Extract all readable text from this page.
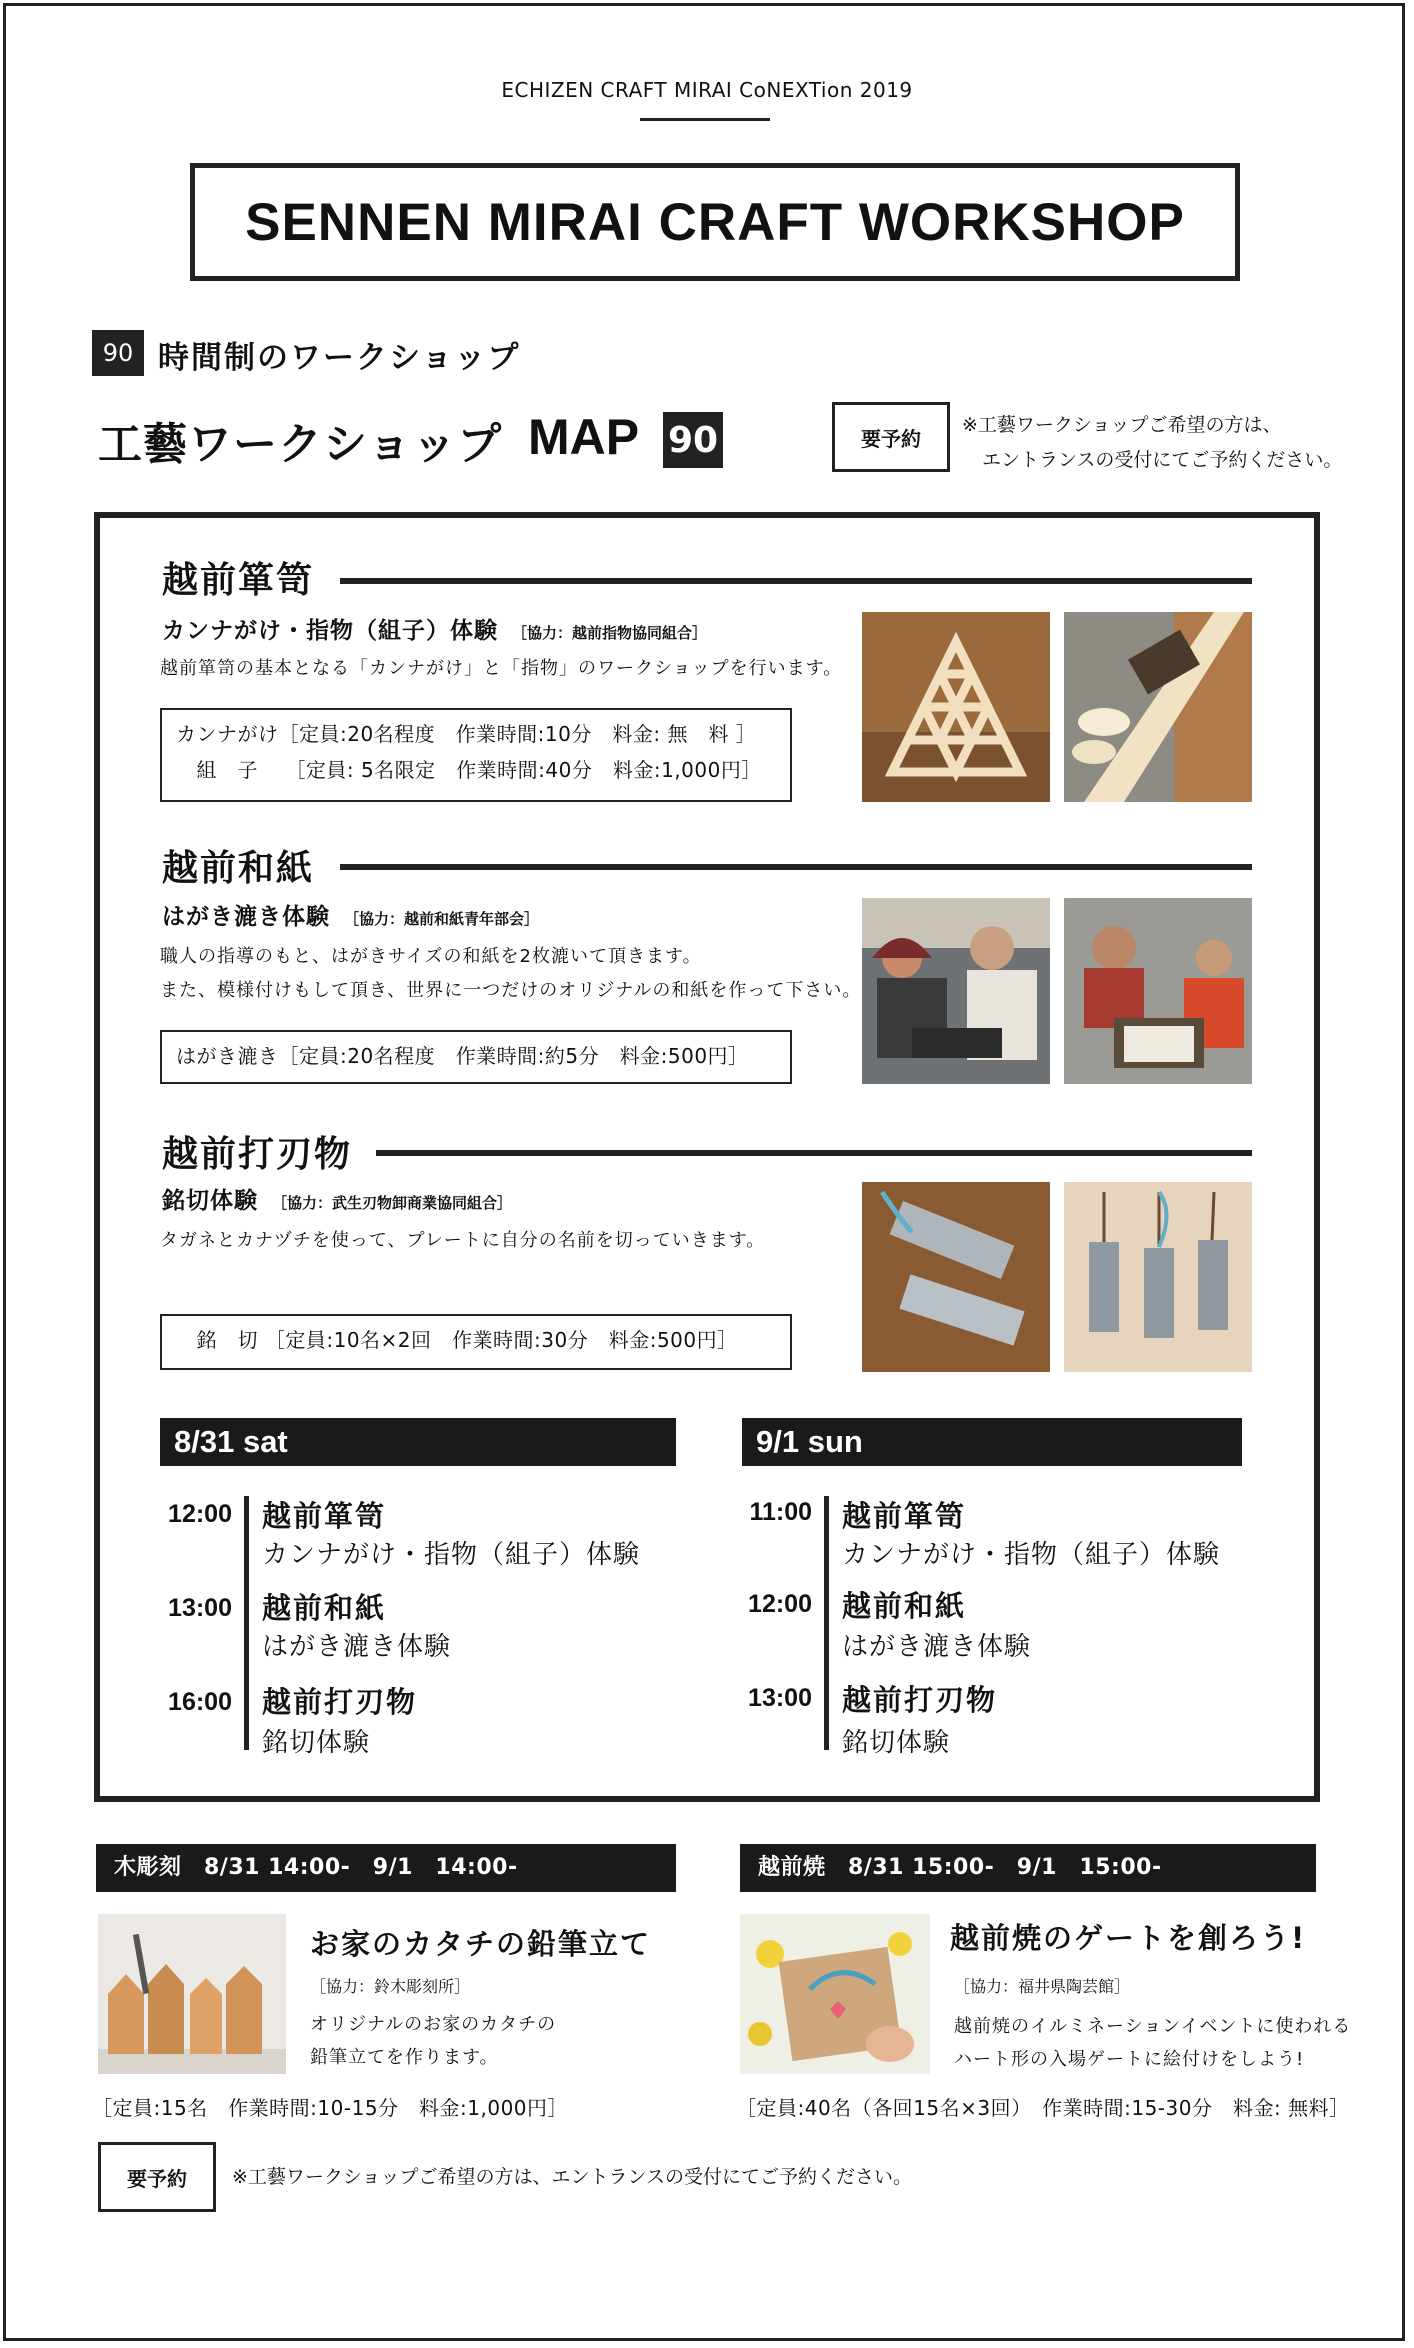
ECHIZEN CRAFT MIRAI CoNEXTion 2019
SENNEN MIRAI CRAFT WORKSHOP
90 時間制のワークショップ
工藝ワークショップ MAP 90	要予約
※工藝ワークショップご希望の方は、
エントランスの受付にてご予約ください。
越前箪笥
カンナがけ・指物（組子）体験 ［協力：越前指物協同組合］
越前箪笥の基本となる「カンナがけ」と「指物」のワークショップを行います。
カンナがけ［定員:20名程度　作業時間:10分　料金: 無　料 ］
　組　子　 ［定員: 5名限定　作業時間:40分　料金:1,000円］
越前和紙
はがき漉き体験 ［協力：越前和紙青年部会］
職人の指導のもと、はがきサイズの和紙を2枚漉いて頂きます。
また、模様付けもして頂き、世界に一つだけのオリジナルの和紙を作って下さい。
はがき漉き［定員:20名程度　作業時間:約5分　料金:500円］
越前打刃物
銘切体験 ［協力：武生刃物卸商業協同組合］
タガネとカナヅチを使って、プレートに自分の名前を切っていきます。
　銘　切 ［定員:10名×2回　作業時間:30分　料金:500円］
8/31 sat	9/1 sun
12:00 越前箪笥
カンナがけ・指物（組子）体験
13:00 越前和紙
はがき漉き体験
16:00 越前打刃物
銘切体験
11:00 越前箪笥
カンナがけ・指物（組子）体験
12:00 越前和紙
はがき漉き体験
13:00 越前打刃物
銘切体験
木彫刻　8/31 14:00-　9/1　14:00-
お家のカタチの鉛筆立て
［協力：鈴木彫刻所］
オリジナルのお家のカタチの
鉛筆立てを作ります。
［定員:15名　作業時間:10-15分　料金:1,000円］
越前焼　8/31 15:00-　9/1　15:00-
越前焼のゲートを創ろう!
［協力：福井県陶芸館］
越前焼のイルミネーションイベントに使われる
ハート形の入場ゲートに絵付けをしよう!
［定員:40名（各回15名×3回）　作業時間:15-30分　料金: 無料］
要予約	※工藝ワークショップご希望の方は、エントランスの受付にてご予約ください。
